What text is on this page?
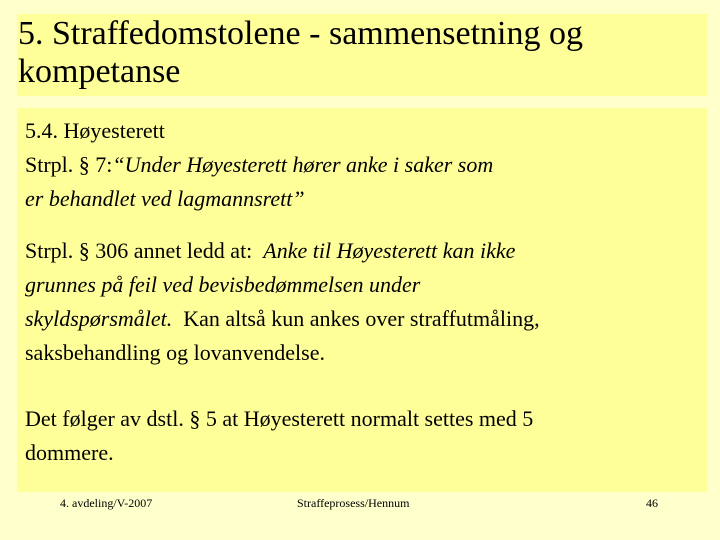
5. Straffedomstolene - sammensetning og
kompetanse

5.4. Høyesterett

Strpl. § 7:“Under Høyesterett hører anke i saker som
er behandlet ved lagmannsrett”

Strpl. § 306 annet ledd at:  Anke til Høyesterett kan ikke
grunnes på feil ved bevisbedømmelsen under
skyldspørsmålet.  Kan altså kun ankes over straffutmåling,
saksbehandling og lovanvendelse.

Det følger av dstl. § 5 at Høyesterett normalt settes med 5
dommere.

4. avdeling/V-2007	Straffeprosess/Hennum	46
